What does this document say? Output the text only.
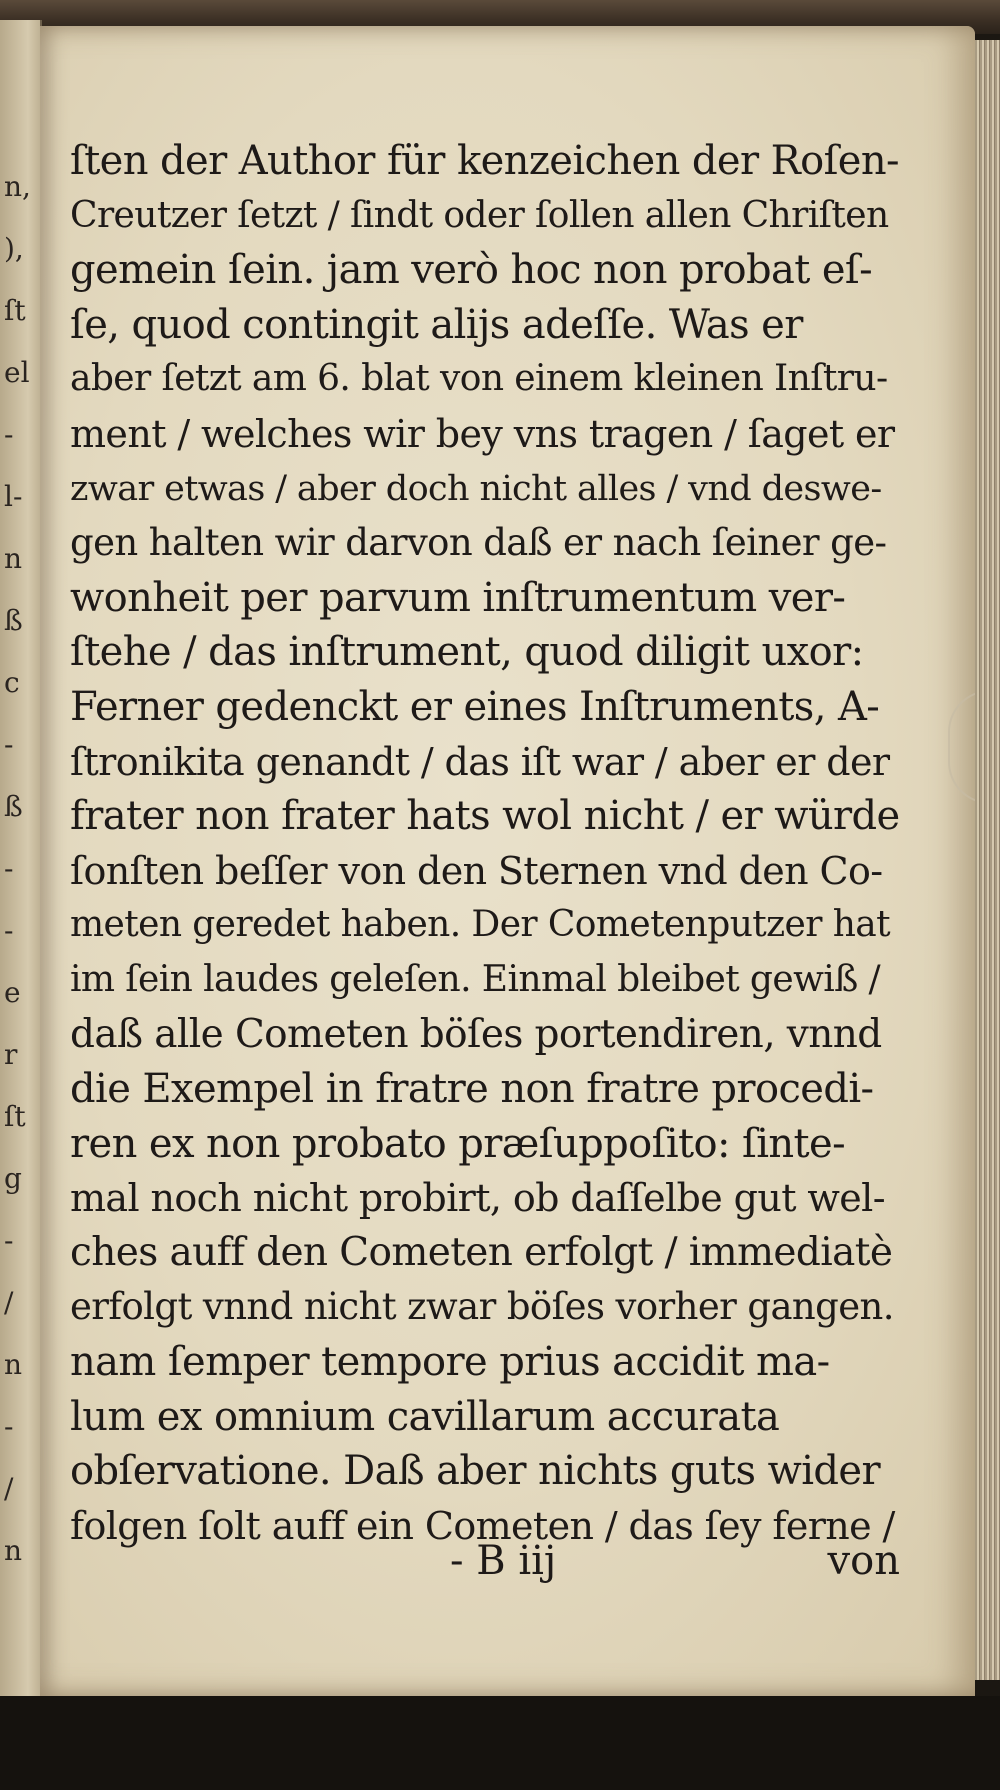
n,
),
ſt
el
-
l-
n
ß
c
-
ß
-
-
e
r
ſt
g
-
/
n
-
/
n
ſten der Author für kenzeichen der Roſen-
Creutzer ſetzt / ſindt oder ſollen allen Chriſten
gemein ſein. jam verò hoc non probat eſ-
ſe, quod contingit alijs adeſſe. Was er
aber ſetzt am 6. blat von einem kleinen Inſtru-
ment / welches wir bey vns tragen / ſaget er
zwar etwas / aber doch nicht alles / vnd deswe-
gen halten wir darvon daß er nach ſeiner ge-
wonheit per parvum inſtrumentum ver-
ſtehe / das inſtrument, quod diligit uxor:
Ferner gedenckt er eines Inſtruments, A-
ſtronikita genandt / das iſt war / aber er der
frater non frater hats wol nicht / er würde
ſonſten beſſer von den Sternen vnd den Co-
meten geredet haben. Der Cometenputzer hat
im ſein laudes geleſen. Einmal bleibet gewiß /
daß alle Cometen böſes portendiren, vnnd
die Exempel in fratre non fratre procedi-
ren ex non probato præſuppoſito: ſinte-
mal noch nicht probirt, ob daſſelbe gut wel-
ches auff den Cometen erfolgt / immediatè
erfolgt vnnd nicht zwar böſes vorher gangen.
nam ſemper tempore prius accidit ma-
lum ex omnium cavillarum accurata
obſervatione. Daß aber nichts guts wider
folgen ſolt auff ein Cometen / das ſey ferne /
- B iij	von
